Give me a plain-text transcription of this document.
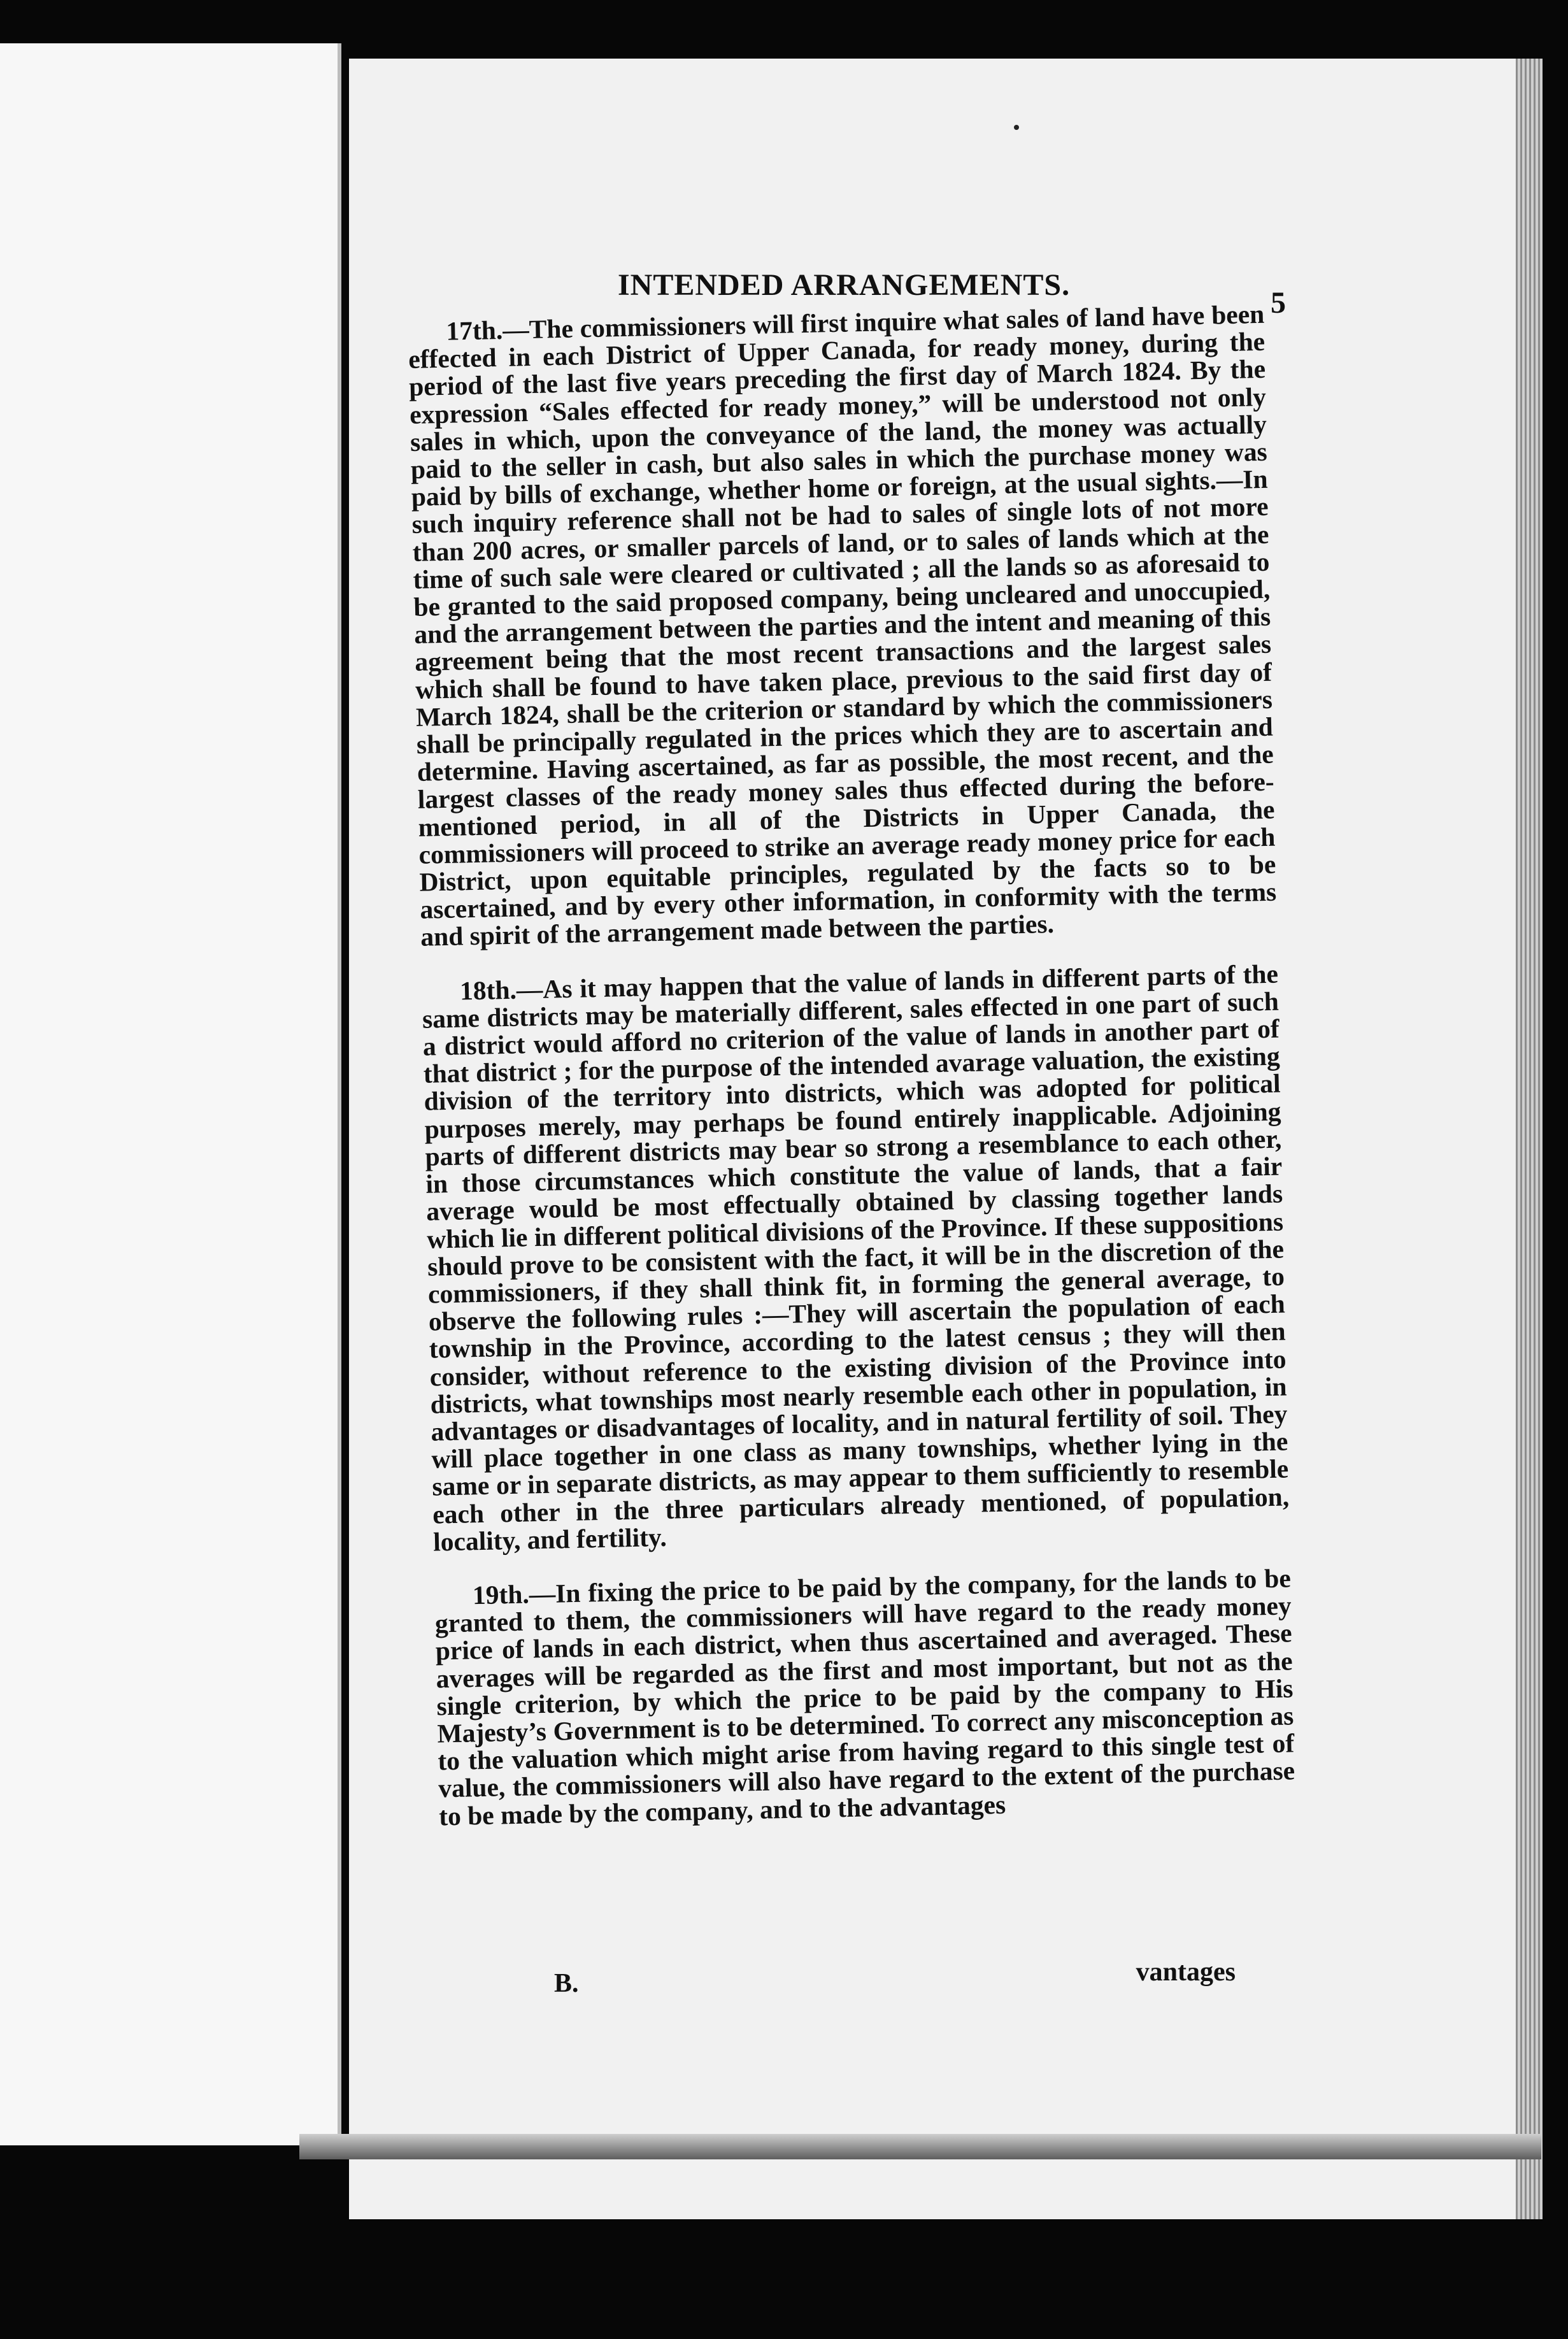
INTENDED ARRANGEMENTS.
5

17th.—The commissioners will first inquire what sales of land have been effected in each District of Upper Canada, for ready money, during the period of the last five years preceding the first day of March 1824. By the expression “Sales effected for ready money,” will be understood not only sales in which, upon the conveyance of the land, the money was actually paid to the seller in cash, but also sales in which the purchase money was paid by bills of exchange, whether home or foreign, at the usual sights.—In such inquiry reference shall not be had to sales of single lots of not more than 200 acres, or smaller parcels of land, or to sales of lands which at the time of such sale were cleared or cultivated ; all the lands so as aforesaid to be granted to the said proposed company, being uncleared and unoccupied, and the arrangement between the parties and the intent and meaning of this agreement being that the most recent transactions and the largest sales which shall be found to have taken place, previous to the said first day of March 1824, shall be the criterion or standard by which the commissioners shall be principally regulated in the prices which they are to ascertain and determine. Having ascertained, as far as possible, the most recent, and the largest classes of the ready money sales thus effected during the before-mentioned period, in all of the Districts in Upper Canada, the commissioners will proceed to strike an average ready money price for each District, upon equitable principles, regulated by the facts so to be ascertained, and by every other information, in conformity with the terms and spirit of the arrangement made between the parties.

18th.—As it may happen that the value of lands in different parts of the same districts may be materially different, sales effected in one part of such a district would afford no criterion of the value of lands in another part of that district ; for the purpose of the intended avarage valuation, the existing division of the territory into districts, which was adopted for political purposes merely, may perhaps be found entirely inapplicable. Adjoining parts of different districts may bear so strong a resemblance to each other, in those circumstances which constitute the value of lands, that a fair average would be most effectually obtained by classing together lands which lie in different political divisions of the Province. If these suppositions should prove to be consistent with the fact, it will be in the discretion of the commissioners, if they shall think fit, in forming the general average, to observe the following rules :—They will ascertain the population of each township in the Province, according to the latest census ; they will then consider, without reference to the existing division of the Province into districts, what townships most nearly resemble each other in population, in advantages or disadvantages of locality, and in natural fertility of soil. They will place together in one class as many townships, whether lying in the same or in separate districts, as may appear to them sufficiently to resemble each other in the three particulars already mentioned, of population, locality, and fertility.

19th.—In fixing the price to be paid by the company, for the lands to be granted to them, the commissioners will have regard to the ready money price of lands in each district, when thus ascertained and averaged. These averages will be regarded as the first and most important, but not as the single criterion, by which the price to be paid by the company to His Majesty’s Government is to be determined. To correct any misconception as to the valuation which might arise from having regard to this single test of value, the commissioners will also have regard to the extent of the purchase to be made by the company, and to the advantages

B.	vantages
